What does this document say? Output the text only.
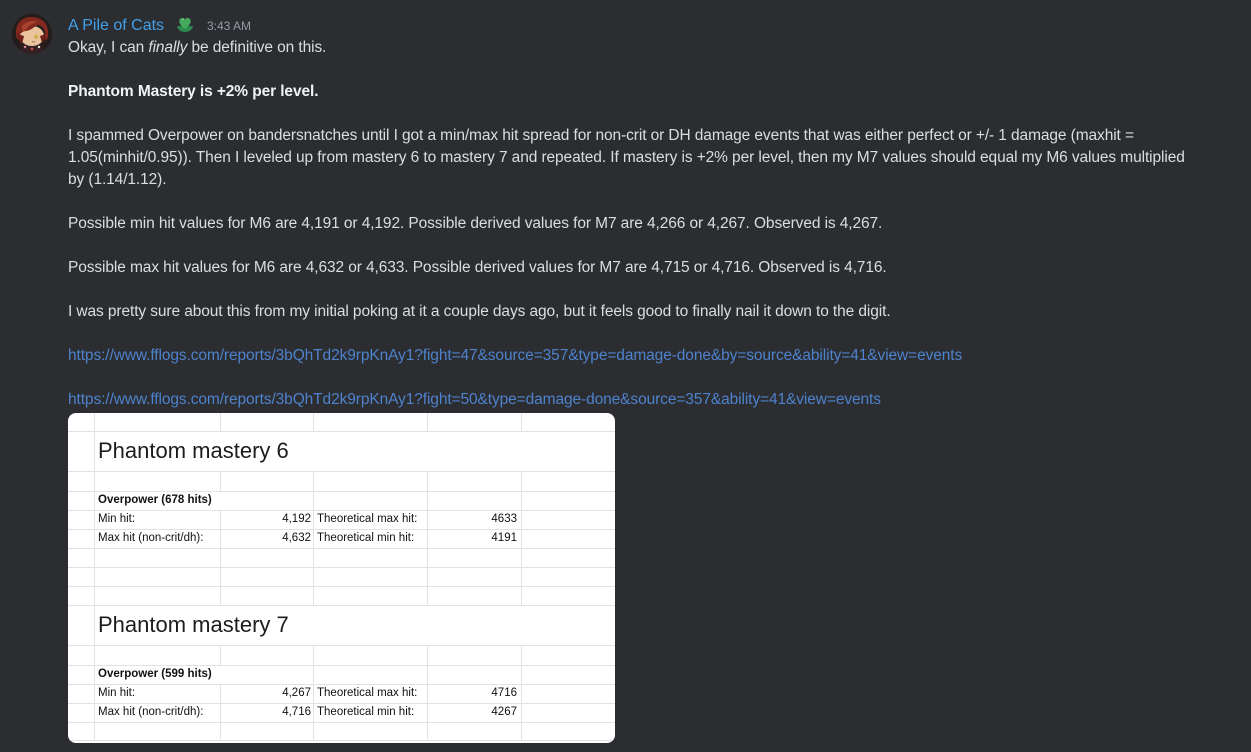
A Pile of Cats	3:43 AM

Okay, I can finally be definitive on this.

Phantom Mastery is +2% per level.

I spammed Overpower on bandersnatches until I got a min/max hit spread for non-crit or DH damage events that was either perfect or +/- 1 damage (maxhit = 1.05(minhit/0.95)). Then I leveled up from mastery 6 to mastery 7 and repeated. If mastery is +2% per level, then my M7 values should equal my M6 values multiplied by (1.14/1.12).

Possible min hit values for M6 are 4,191 or 4,192. Possible derived values for M7 are 4,266 or 4,267. Observed is 4,267.

Possible max hit values for M6 are 4,632 or 4,633. Possible derived values for M7 are 4,715 or 4,716. Observed is 4,716.

I was pretty sure about this from my initial poking at it a couple days ago, but it feels good to finally nail it down to the digit.

https://www.fflogs.com/reports/3bQhTd2k9rpKnAy1?fight=47&source=357&type=damage-done&by=source&ability=41&view=events

https://www.fflogs.com/reports/3bQhTd2k9rpKnAy1?fight=50&type=damage-done&source=357&ability=41&view=events

Phantom mastery 6
Overpower (678 hits)
Min hit:	4,192 Theoretical max hit:	4633
Max hit (non-crit/dh):	4,632 Theoretical min hit:	4191
Phantom mastery 7
Overpower (599 hits)
Min hit:	4,267 Theoretical max hit:	4716
Max hit (non-crit/dh):	4,716 Theoretical min hit:	4267
